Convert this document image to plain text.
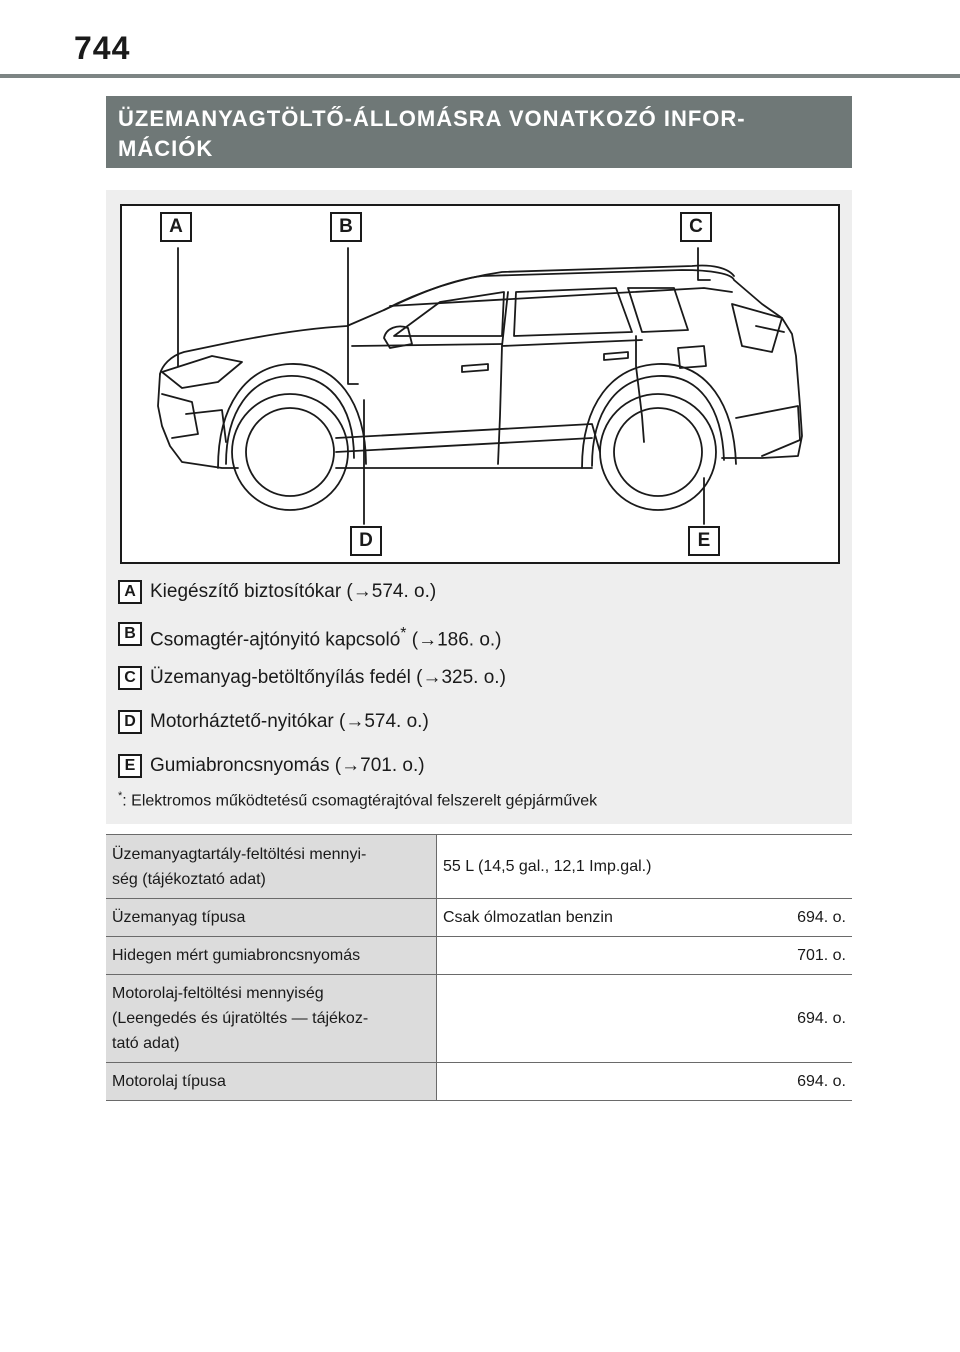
744
ÜZEMANYAGTÖLTŐ-ÁLLOMÁSRA VONATKOZÓ INFOR-
MÁCIÓK
A	B	C
D	E
A Kiegészítő biztosítókar (→574. o.)
B Csomagtér-ajtónyitó kapcsoló* (→186. o.)
C Üzemanyag-betöltőnyílás fedél (→325. o.)
D Motorháztető-nyitókar (→574. o.)
E Gumiabroncsnyomás (→701. o.)
*: Elektromos működtetésű csomagtérajtóval felszerelt gépjárművek
Üzemanyagtartály-feltöltési mennyi-
ség (tájékoztató adat)	55 L (14,5 gal., 12,1 Imp.gal.)

Üzemanyag típusa	Csak ólmozatlan benzin 694. o.

Hidegen mért gumiabroncsnyomás	701. o.

Motorolaj-feltöltési mennyiség
(Leengedés és újratöltés — tájékoz-
tató adat)	694. o.

Motorolaj típusa	694. o.
